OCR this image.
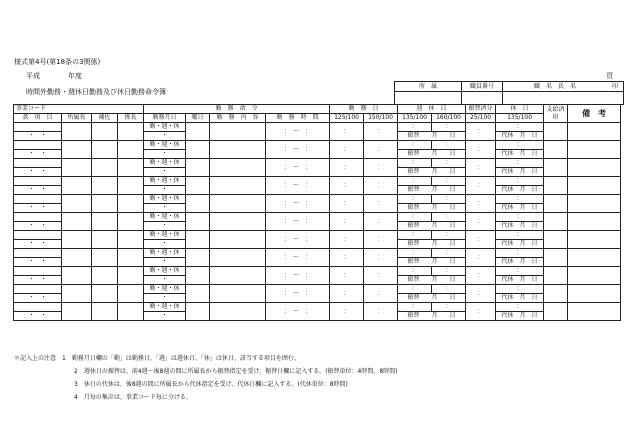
様式第4号(第18条の3関係)
平成	年度	頁
時間外勤務・週休日勤務及び休日勤務命令簿
所　属	職員番号	職　名　氏　名	印

事業コード				勤　務　命　令				勤　務　日		週　休　日		振替済分	休　日	支給済印	備　考
款　項　目	所属長	補佐	係長	勤務月日	曜日	勤　務　内　容	勤　務　時　間	125/100	150/100	135/100	160/100	25/100	135/100		
				勤・週・休			：　～　：	：	：	：	：	：	：		
・　・				・						振替　　月　　日			代休　月　日		
				勤・週・休			：　～　：	：	：	：	：	：	：		
・　・				・						振替　　月　　日			代休　月　日		
				勤・週・休			：　～　：	：	：	：	：	：	：		
・　・				・						振替　　月　　日			代休　月　日		
				勤・週・休			：　～　：	：	：	：	：	：	：		
・　・				・						振替　　月　　日			代休　月　日		
				勤・週・休			：　～　：	：	：	：	：	：	：		
・　・				・						振替　　月　　日			代休　月　日		
				勤・週・休			：　～　：	：	：	：	：	：	：		
・　・				・						振替　　月　　日			代休　月　日		
				勤・週・休			：　～　：	：	：	：	：	：	：		
・　・				・						振替　　月　　日			代休　月　日		
				勤・週・休			：　～　：	：	：	：	：	：	：		
・　・				・						振替　　月　　日			代休　月　日		
				勤・週・休			：　～　：	：	：	：	：	：	：		
・　・				・						振替　　月　　日			代休　月　日		
				勤・週・休			：　～　：	：	：	：	：	：	：		
・　・				・						振替　　月　　日			代休　月　日		
				勤・週・休			：　～　：	：	：	：	：	：	：		
・　・				・						振替　　月　　日			代休　月　日		
＊記入上の注意　1　勤務月日欄の「勤」は勤務日、「週」は週休日、「休」は休日、該当する項目を囲む。
2　週休日の振替は、前4週～後8週の間に所属長から振替指定を受け、振替日欄に記入する。(振替単位：4時間、8時間)
3　休日の代休は、後8週の間に所属長から代休指定を受け、代休日欄に記入する。(代休単位：8時間)
4　月毎の集計は、事業コード毎に分ける。
